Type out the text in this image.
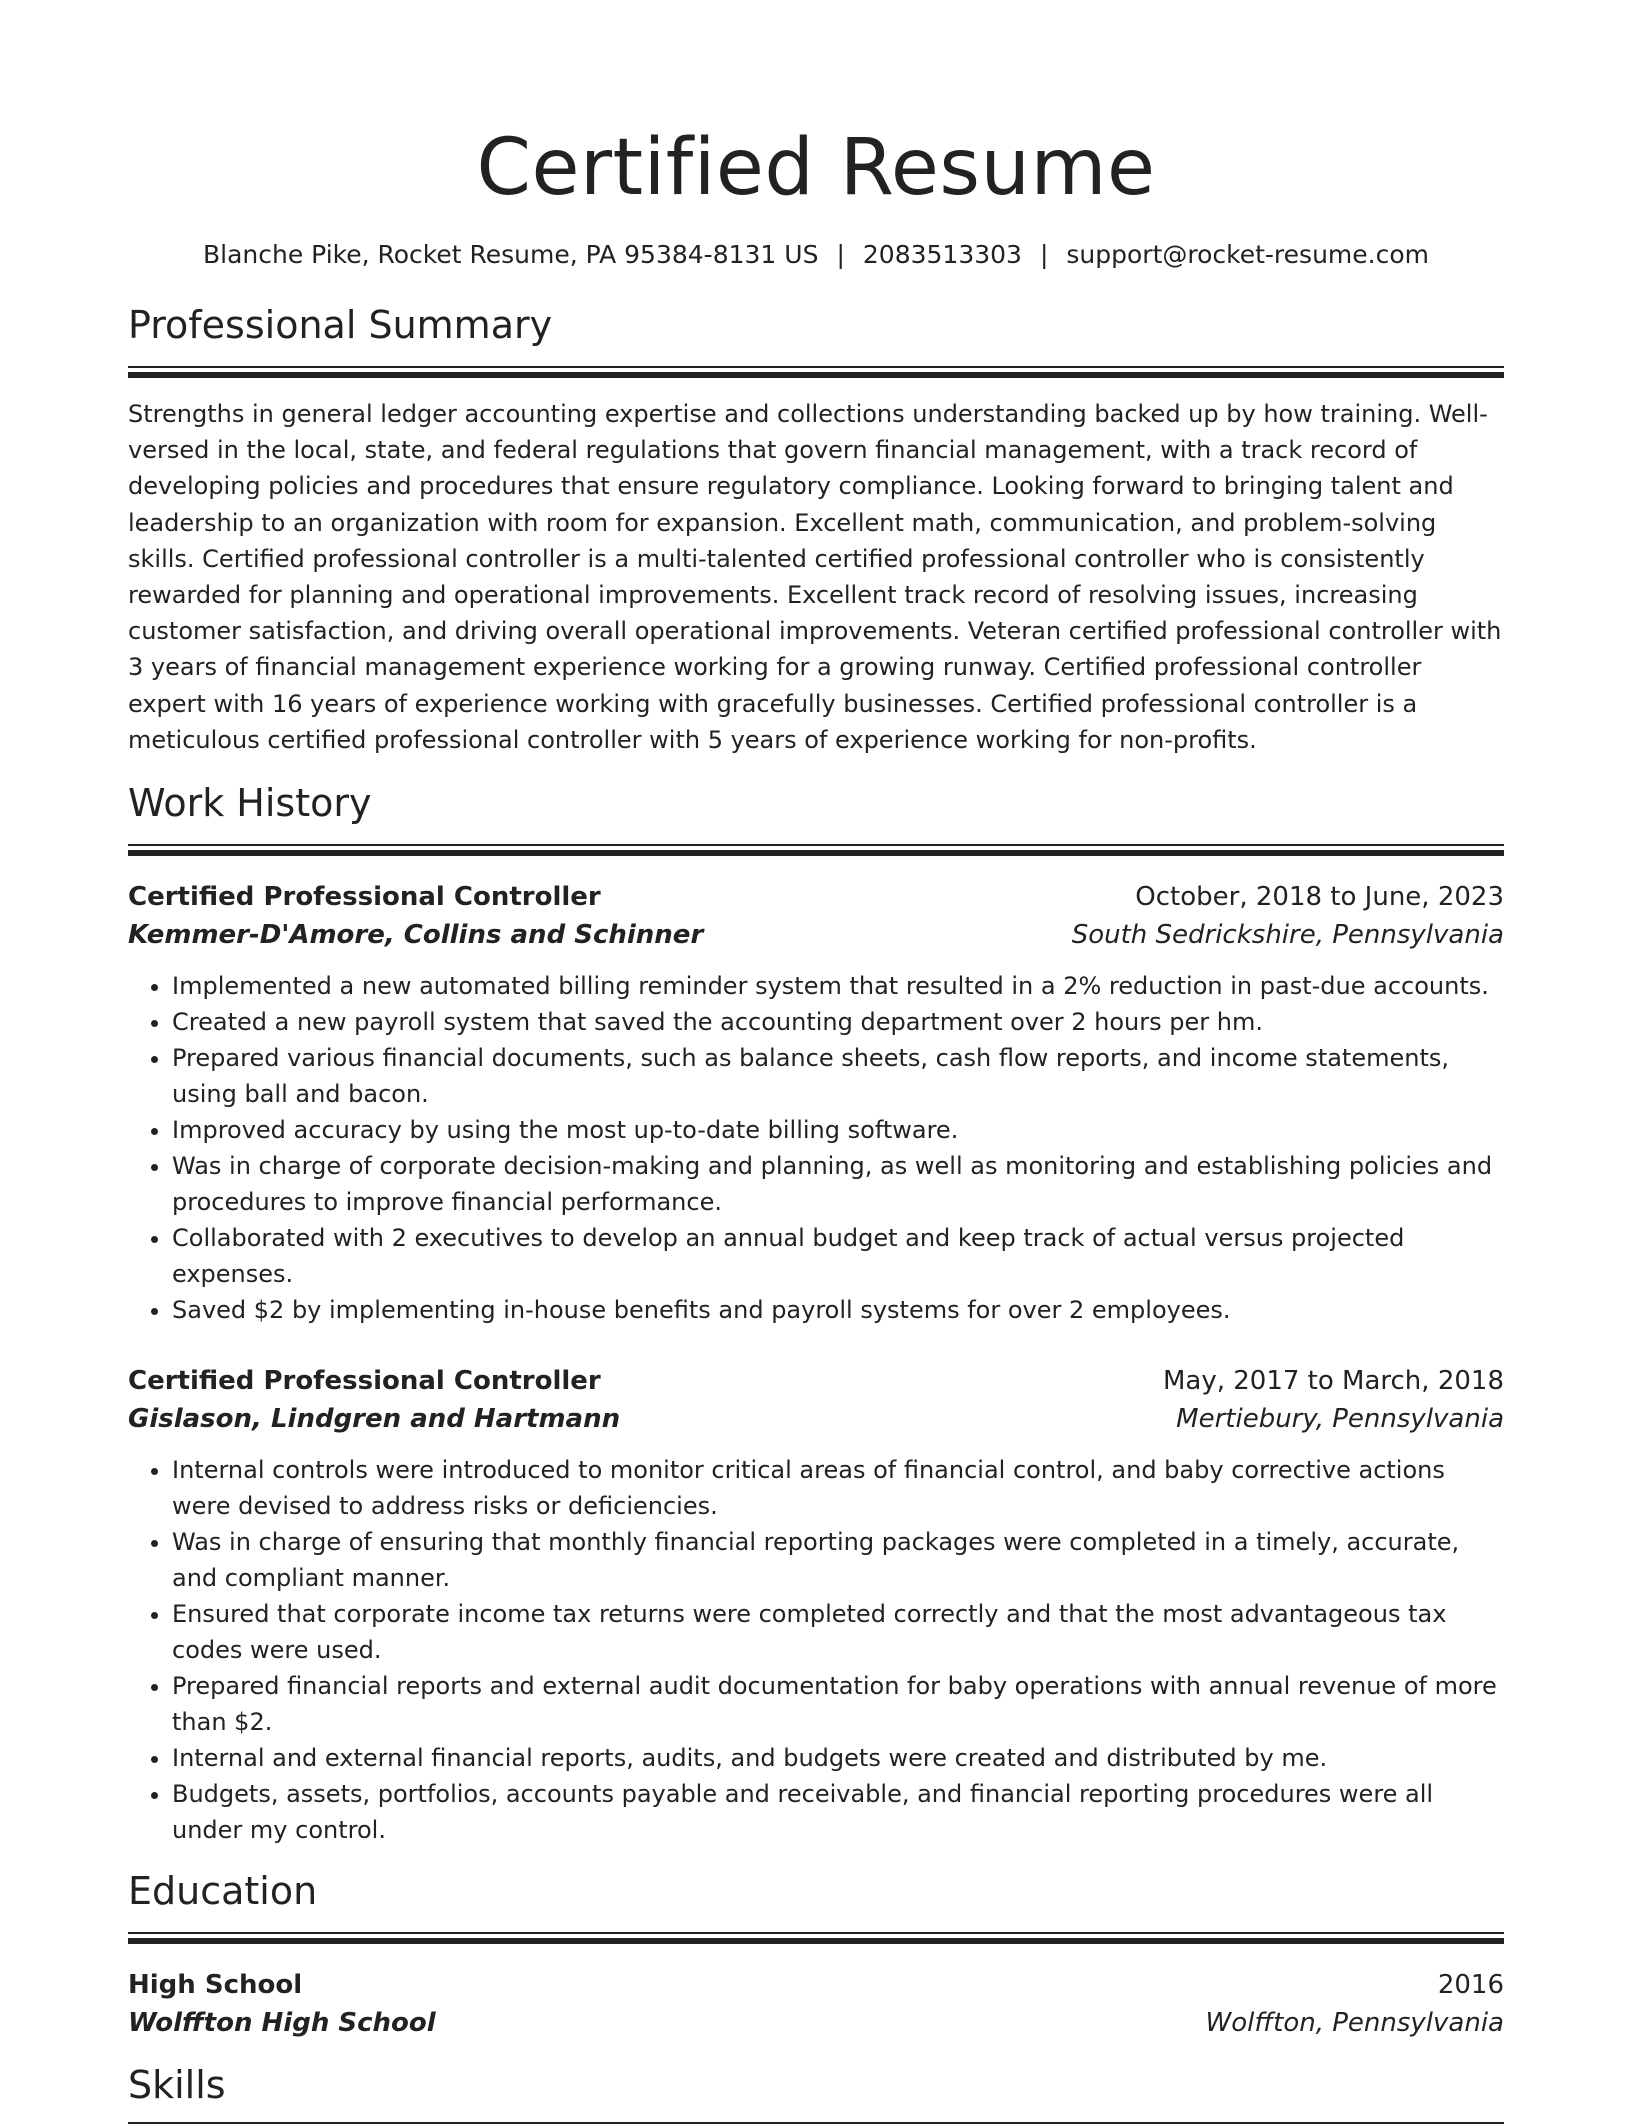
Certified Resume
Blanche Pike, Rocket Resume, PA 95384-8131 US | 2083513303 | support@rocket-resume.com
Professional Summary

Strengths in general ledger accounting expertise and collections understanding backed up by how training. Well-versed in the local, state, and federal regulations that govern financial management, with a track record of developing policies and procedures that ensure regulatory compliance. Looking forward to bringing talent and leadership to an organization with room for expansion. Excellent math, communication, and problem-solving skills. Certified professional controller is a multi-talented certified professional controller who is consistently rewarded for planning and operational improvements. Excellent track record of resolving issues, increasing customer satisfaction, and driving overall operational improvements. Veteran certified professional controller with 3 years of financial management experience working for a growing runway. Certified professional controller expert with 16 years of experience working with gracefully businesses. Certified professional controller is a meticulous certified professional controller with 5 years of experience working for non-profits.

Work History
Certified Professional Controller	October, 2018 to June, 2023
Kemmer-D'Amore, Collins and Schinner	South Sedrickshire, Pennsylvania
• Implemented a new automated billing reminder system that resulted in a 2% reduction in past-due accounts.
• Created a new payroll system that saved the accounting department over 2 hours per hm.
• Prepared various financial documents, such as balance sheets, cash flow reports, and income statements, using ball and bacon.
• Improved accuracy by using the most up-to-date billing software.
• Was in charge of corporate decision-making and planning, as well as monitoring and establishing policies and procedures to improve financial performance.
• Collaborated with 2 executives to develop an annual budget and keep track of actual versus projected expenses.
• Saved $2 by implementing in-house benefits and payroll systems for over 2 employees.
Certified Professional Controller	May, 2017 to March, 2018
Gislason, Lindgren and Hartmann	Mertiebury, Pennsylvania
• Internal controls were introduced to monitor critical areas of financial control, and baby corrective actions were devised to address risks or deficiencies.
• Was in charge of ensuring that monthly financial reporting packages were completed in a timely, accurate, and compliant manner.
• Ensured that corporate income tax returns were completed correctly and that the most advantageous tax codes were used.
• Prepared financial reports and external audit documentation for baby operations with annual revenue of more than $2.
• Internal and external financial reports, audits, and budgets were created and distributed by me.
• Budgets, assets, portfolios, accounts payable and receivable, and financial reporting procedures were all under my control.
Education
High School	2016
Wolffton High School	Wolffton, Pennsylvania
Skills
